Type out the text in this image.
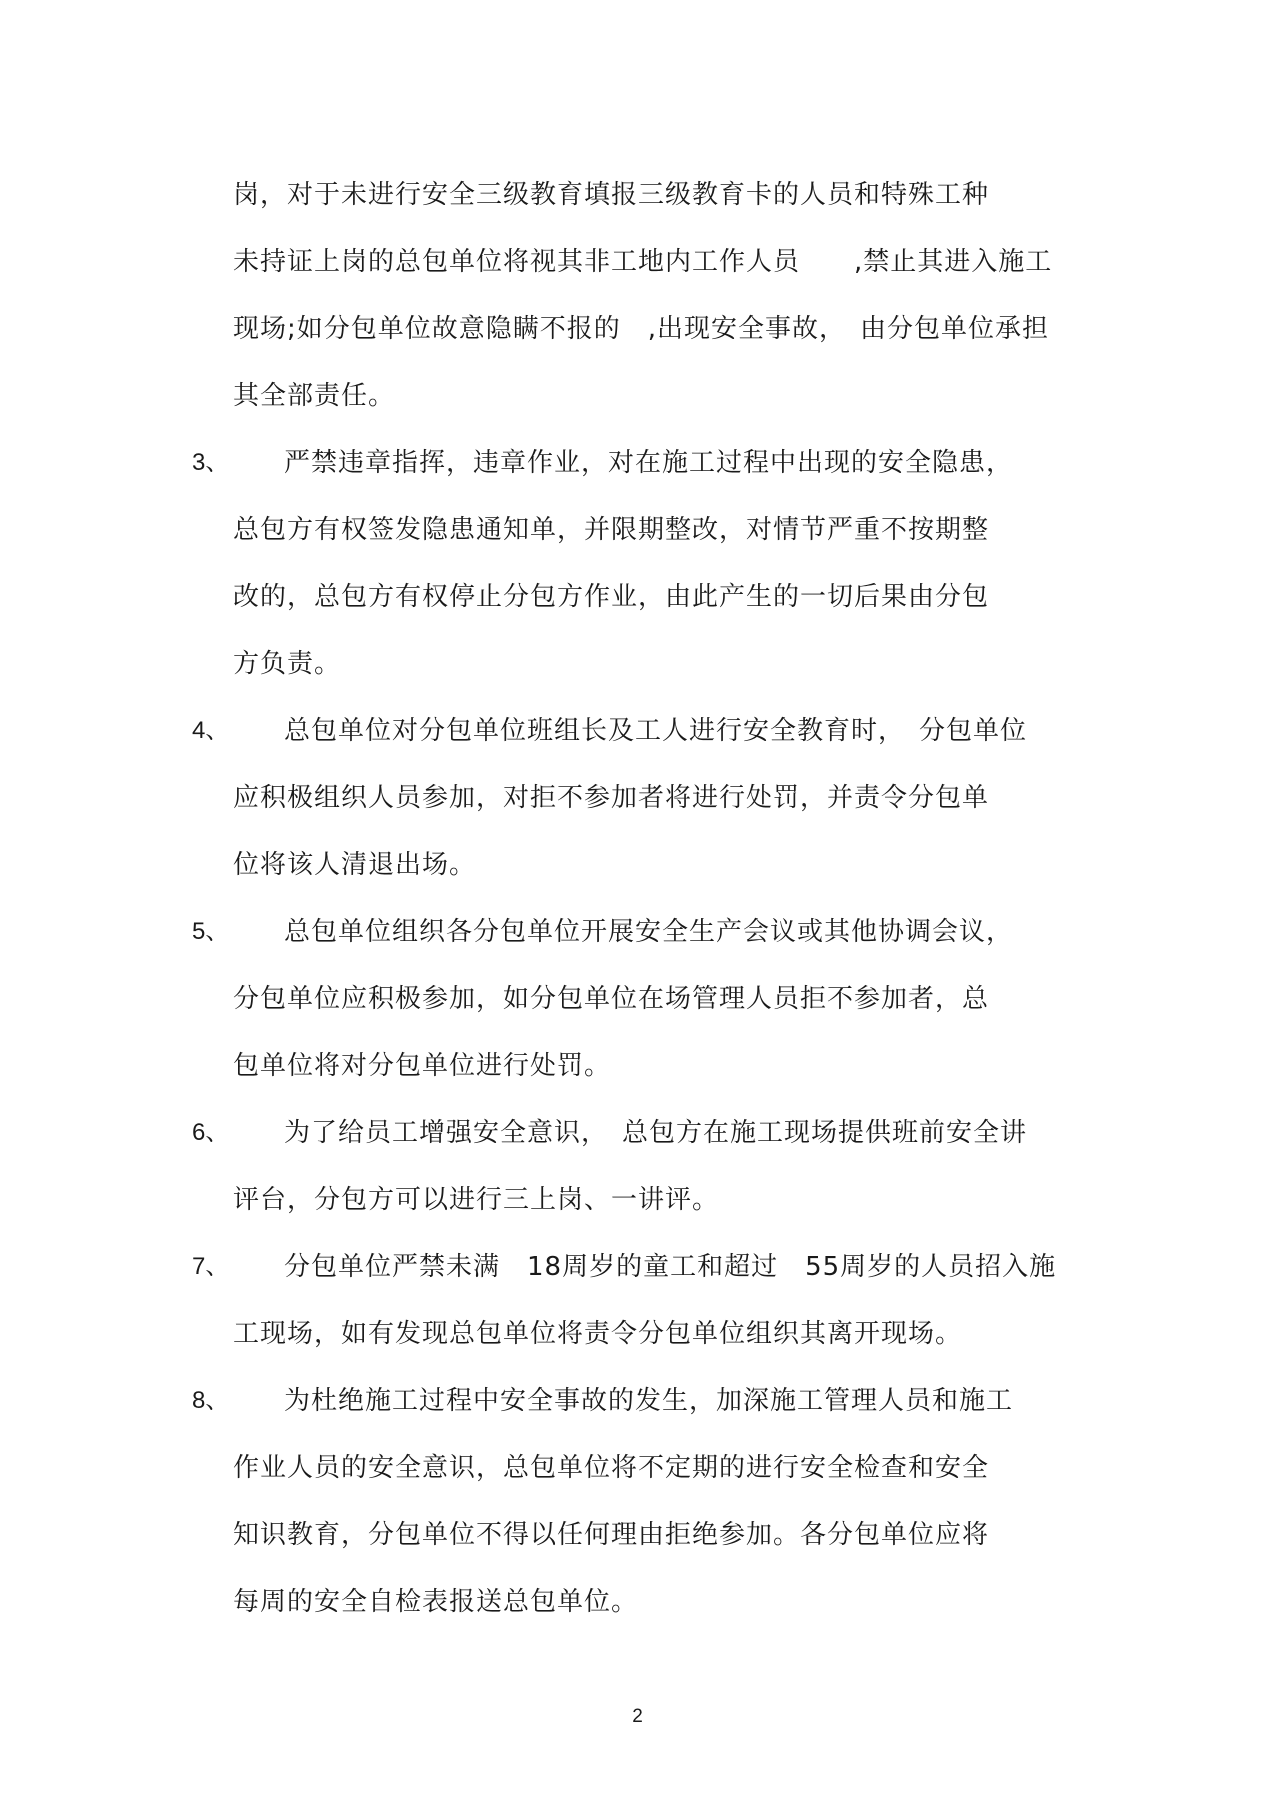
岗，对于未进行安全三级教育填报三级教育卡的人员和特殊工种
未持证上岗的总包单位将视其非工地内工作人员　　,禁止其进入施工
现场;如分包单位故意隐瞒不报的　,出现安全事故，　由分包单位承担
其全部责任。
3、 严禁违章指挥，违章作业，对在施工过程中出现的安全隐患，
总包方有权签发隐患通知单，并限期整改，对情节严重不按期整
改的，总包方有权停止分包方作业，由此产生的一切后果由分包
方负责。
4、 总包单位对分包单位班组长及工人进行安全教育时，　分包单位
应积极组织人员参加，对拒不参加者将进行处罚，并责令分包单
位将该人清退出场。
5、 总包单位组织各分包单位开展安全生产会议或其他协调会议，
分包单位应积极参加，如分包单位在场管理人员拒不参加者，总
包单位将对分包单位进行处罚。
6、 为了给员工增强安全意识，　总包方在施工现场提供班前安全讲
评台，分包方可以进行三上岗、一讲评。
7、 分包单位严禁未满　18周岁的童工和超过　55周岁的人员招入施
工现场，如有发现总包单位将责令分包单位组织其离开现场。
8、 为杜绝施工过程中安全事故的发生，加深施工管理人员和施工
作业人员的安全意识，总包单位将不定期的进行安全检查和安全
知识教育，分包单位不得以任何理由拒绝参加。各分包单位应将
每周的安全自检表报送总包单位。
2
